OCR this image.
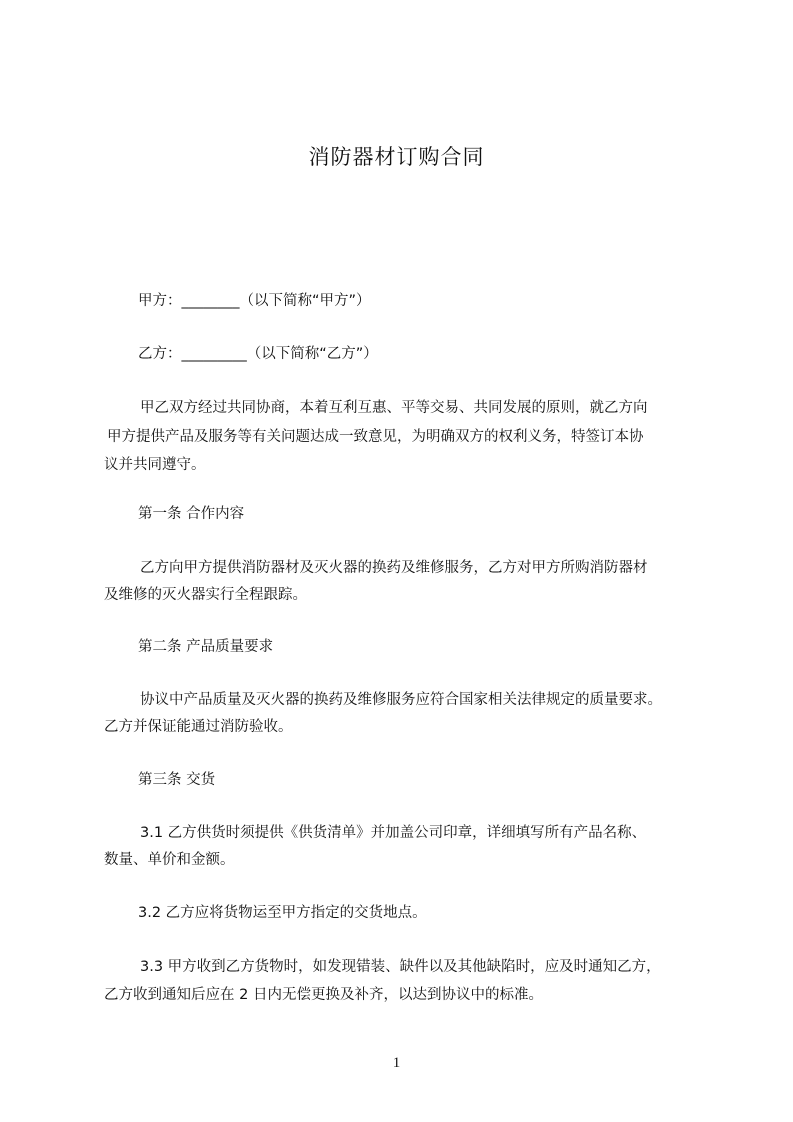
消防器材订购合同
甲方：________（以下简称“甲方”）
乙方：_________（以下简称“乙方”）
甲乙双方经过共同协商，本着互利互惠、平等交易、共同发展的原则，就乙方向
甲方提供产品及服务等有关问题达成一致意见，为明确双方的权利义务，特签订本协
议并共同遵守。
第一条 合作内容
乙方向甲方提供消防器材及灭火器的换药及维修服务，乙方对甲方所购消防器材
及维修的灭火器实行全程跟踪。
第二条 产品质量要求
协议中产品质量及灭火器的换药及维修服务应符合国家相关法律规定的质量要求。
乙方并保证能通过消防验收。
第三条 交货
3.1 乙方供货时须提供《供货清单》并加盖公司印章，详细填写所有产品名称、
数量、单价和金额。
3.2 乙方应将货物运至甲方指定的交货地点。
3.3 甲方收到乙方货物时，如发现错装、缺件以及其他缺陷时，应及时通知乙方，
乙方收到通知后应在 2 日内无偿更换及补齐，以达到协议中的标准。
1
